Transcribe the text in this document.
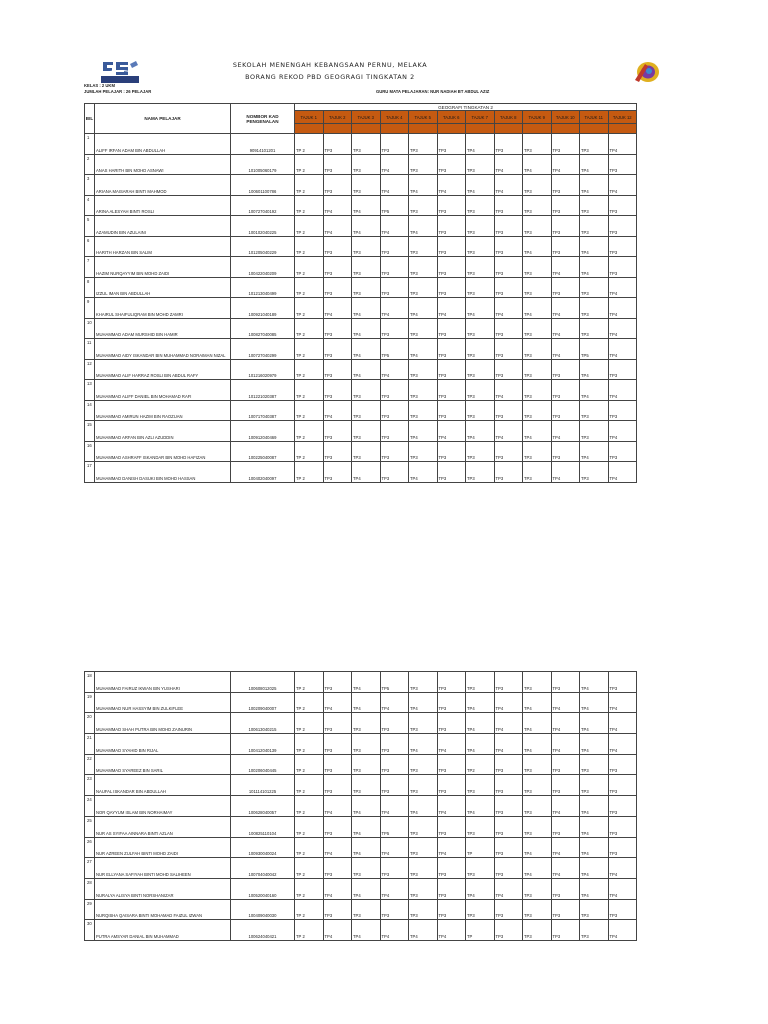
SEKOLAH MENENGAH KEBANGSAAN PERNU, MELAKA
BORANG REKOD PBD GEOGRAGI TINGKATAN 2
KELAS : 2 UKM
JUMLAH PELAJAR : 26 PELAJAR	GURU MATA PELAJARAN: NUR NADIAH BT ABDUL AZIZ
BIL	NAMA PELAJAR	NOMBOR KAD PENGENALAN	GEOGRAFI TINGKATAN 2											
			TAJUK 1	TAJUK 2	TAJUK 3	TAJUK 4	TAJUK 5	TAJUK 6	TAJUK 7	TAJUK 8	TAJUK 9	TAJUK 10	TAJUK 11	TAJUK 12

1	ALIFF IRFAN ADAM BIN ABDULLAH	90914101201	TP 2	TP3	TP3	TP3	TP3	TP3	TP4	TP3	TP3	TP3	TP3	TP4
2	ANAS HARITH BIN MOHD ASNAWI	101005060179	TP 2	TP3	TP3	TP4	TP3	TP3	TP3	TP4	TP4	TP4	TP4	TP3
3	ARIANA MAISARAH BINTI MAHMOD	100601100786	TP 2	TP3	TP3	TP4	TP4	TP4	TP4	TP4	TP3	TP3	TP4	TP4
4	ARINA ALESYAH BINTI ROSLI	100727040192	TP 2	TP4	TP4	TP5	TP3	TP3	TP3	TP3	TP3	TP3	TP3	TP3
5	AZAMUDIN BIN AZULAINI	100102040225	TP 2	TP4	TP4	TP4	TP4	TP3	TP3	TP3	TP3	TP3	TP3	TP3
6	HARITH HARZAN BIN SALIM	101205040229	TP 2	TP3	TP3	TP3	TP3	TP3	TP3	TP3	TP4	TP3	TP4	TP3
7	HAZIM NURQAYYIM BIN MOHD ZAIDI	100422040209	TP 2	TP3	TP3	TP3	TP3	TP3	TP3	TP3	TP3	TP4	TP4	TP3
8	IZZUL IMAN BIN ABDULLAH	101213040499	TP 2	TP3	TP3	TP3	TP3	TP3	TP3	TP3	TP3	TP3	TP3	TP4
9	KHAIRUL SHAIFULIQRAM BIN MOHD ZAMRI	100921040189	TP 2	TP4	TP4	TP4	TP4	TP4	TP4	TP4	TP4	TP4	TP3	TP4
10	MUHAMMAD ADAM MURSHID BIN HAMIR	100827040085	TP 2	TP3	TP4	TP3	TP3	TP3	TP3	TP3	TP3	TP4	TP3	TP4
11	MUHAMMAD AIDY ISKANDAR BIN MUHAMMAD NORAIMAN NIZAL	100727040299	TP 2	TP3	TP4	TP5	TP4	TP3	TP3	TP3	TP3	TP4	TP5	TP4
12	MUHAMMAD ALIF HARRAZ ROSLI BIN ABDUL RAFY	101216020979	TP 2	TP3	TP4	TP4	TP3	TP3	TP3	TP3	TP3	TP3	TP4	TP3
13	MUHAMMAD ALIFF DANIEL BIN MOHAMAD RAFI	101221020387	TP 2	TP3	TP3	TP3	TP3	TP3	TP3	TP4	TP3	TP3	TP4	TP4
14	MUHAMMAD AMIRUN HAZIM BIN RAOZUAN	100717040387	TP 2	TP4	TP3	TP3	TP3	TP3	TP3	TP3	TP3	TP3	TP3	TP3
15	MUHAMMAD ARFAN BIN AZLI AZUDDIN	100912040469	TP 2	TP3	TP3	TP3	TP4	TP4	TP4	TP4	TP4	TP4	TP3	TP4
16	MUHAMMAD ASHRAFF ISKANDAR BIN MOHD HAFIZAN	100225040087	TP 2	TP3	TP3	TP3	TP3	TP3	TP3	TP3	TP3	TP3	TP4	TP3
17	MUHAMMAD DANISH DASUKI BIN MOHD HASSAN	100402040097	TP 2	TP3	TP4	TP3	TP4	TP3	TP3	TP3	TP3	TP4	TP3	TP4
18	MUHAMMAD FAIRUZ IKWAN BIN YUSHARI	100608012025	TP 2	TP3	TP4	TP5	TP3	TP3	TP3	TP3	TP3	TP3	TP4	TP3
19	MUHAMMAD NUR HASSYIM BIN ZULKIFLEE	100209040007	TP 2	TP4	TP4	TP4	TP4	TP3	TP4	TP4	TP4	TP4	TP4	TP4
20	MUHAMMAD SHAH PUTRA BIN MOHD ZAINURIN	100613040215	TP 2	TP3	TP3	TP3	TP3	TP3	TP4	TP4	TP4	TP4	TP4	TP4
21	MUHAMMAD SYAHID BIN RIJAL	100412040139	TP 2	TP3	TP3	TP3	TP4	TP4	TP4	TP4	TP4	TP4	TP4	TP4
22	MUHAMMAD SYAREEZ BIN SARIL	100206040445	TP 2	TP3	TP3	TP3	TP3	TP3	TP2	TP3	TP3	TP3	TP3	TP3
23	NAUFAL ISKANDAR BIN ABDULLAH	101114101225	TP 2	TP3	TP3	TP3	TP3	TP3	TP3	TP3	TP3	TP3	TP3	TP3
24	NOR QAYYUM ISLAM BIN NORHAIMAY	100628040057	TP 2	TP4	TP4	TP4	TP4	TP4	TP4	TP3	TP3	TP4	TP4	TP3
25	NUR AS SYIFAA AINNARA BINTI AZLAN	100825110104	TP 2	TP3	TP4	TP5	TP3	TP3	TP3	TP3	TP3	TP3	TP4	TP3
26	NUR AZREEN ZULFAH BINTI MOHD ZAIDI	100930040024	TP 2	TP4	TP4	TP4	TP3	TP4	TP	TP3	TP4	TP4	TP4	TP3
27	NUR ELLYANA SAFIYAH BINTI MOHD SALIHEEN	100704040042	TP 2	TP3	TP3	TP3	TP3	TP3	TP3	TP3	TP4	TP4	TP4	TP4
28	NURALYA ALISYA BINTI NORSHANIZAR	100520040160	TP 2	TP4	TP4	TP4	TP3	TP3	TP4	TP4	TP3	TP3	TP4	TP4
29	NURQISHA QAISARA BINTI MOHAMAD FAIZUL IZWAN	100409040030	TP 2	TP3	TP3	TP3	TP3	TP3	TP3	TP3	TP3	TP3	TP3	TP3
30	PUTRA AMSYAR DANIAL BIN MUHAMMAD	100624040421	TP 2	TP4	TP4	TP4	TP4	TP4	TP	TP3	TP3	TP3	TP3	TP4
